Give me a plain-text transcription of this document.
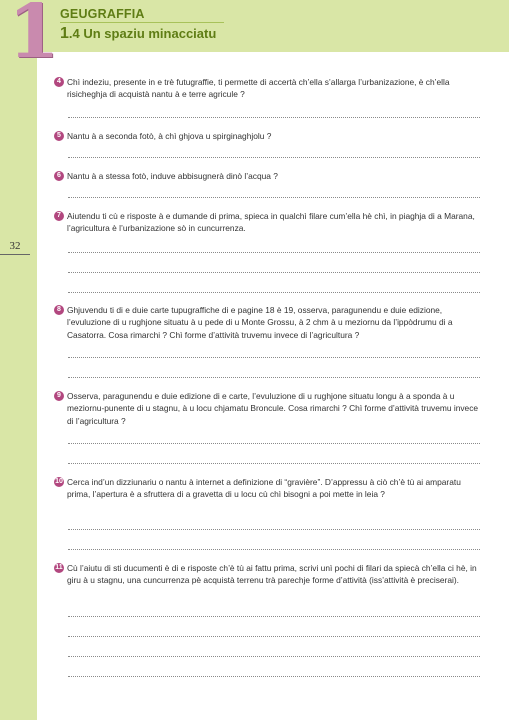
1 GEUGRAFFIA
1.4 Un spaziu minacciatu
32
4 Chì indeziu, presente in e trè futugraffie, ti permette di accertà ch’ella s’allarga l’urbanizazione, è ch’ella risicheghja di acquistà nantu à e terre agricule ?
5 Nantu à a seconda fotò, à chì ghjova u spirginaghjolu ?
6 Nantu à a stessa fotò, induve abbisugnerà dinò l’acqua ?
7 Aiutendu ti cù e risposte à e dumande di prima, spieca in qualchì filare cum’ella hè chì, in piaghja di a Marana, l’agricultura è l’urbanizazione sò in cuncurrenza.
8 Ghjuvendu ti di e duie carte tupugraffiche di e pagine 18 è 19, osserva, paragunendu e duie edizione, l’evuluzione di u rughjone situatu à u pede di u Monte Grossu, à 2 chm à u meziornu da l’ippòdrumu di a Casatorra. Cosa rimarchi ? Chì forme d’attività truvemu invece di l’agricultura ?
9 Osserva, paragunendu e duie edizione di e carte, l’evuluzione di u rughjone situatu longu à a sponda à u meziornu-punente di u stagnu, à u locu chjamatu Broncule. Cosa rimarchi ? Chì forme d’attività truvemu invece di l’agricultura ?
10 Cerca ind’un dizziunariu o nantu à internet a definizione di “gravière”. D’appressu à ciò ch’è tù ai amparatu prima, l’apertura è a sfruttera di a gravetta di u locu cù chì bisogni a poi mette in leia ?
11 Cù l’aiutu di sti ducumenti è di e risposte ch’è tù ai fattu prima, scrivi unì pochi di filari da spiecà ch’ella ci hè, in giru à u stagnu, una cuncurrenza pè acquistà terrenu trà parechje forme d’attività (iss’attività è preciserai).
